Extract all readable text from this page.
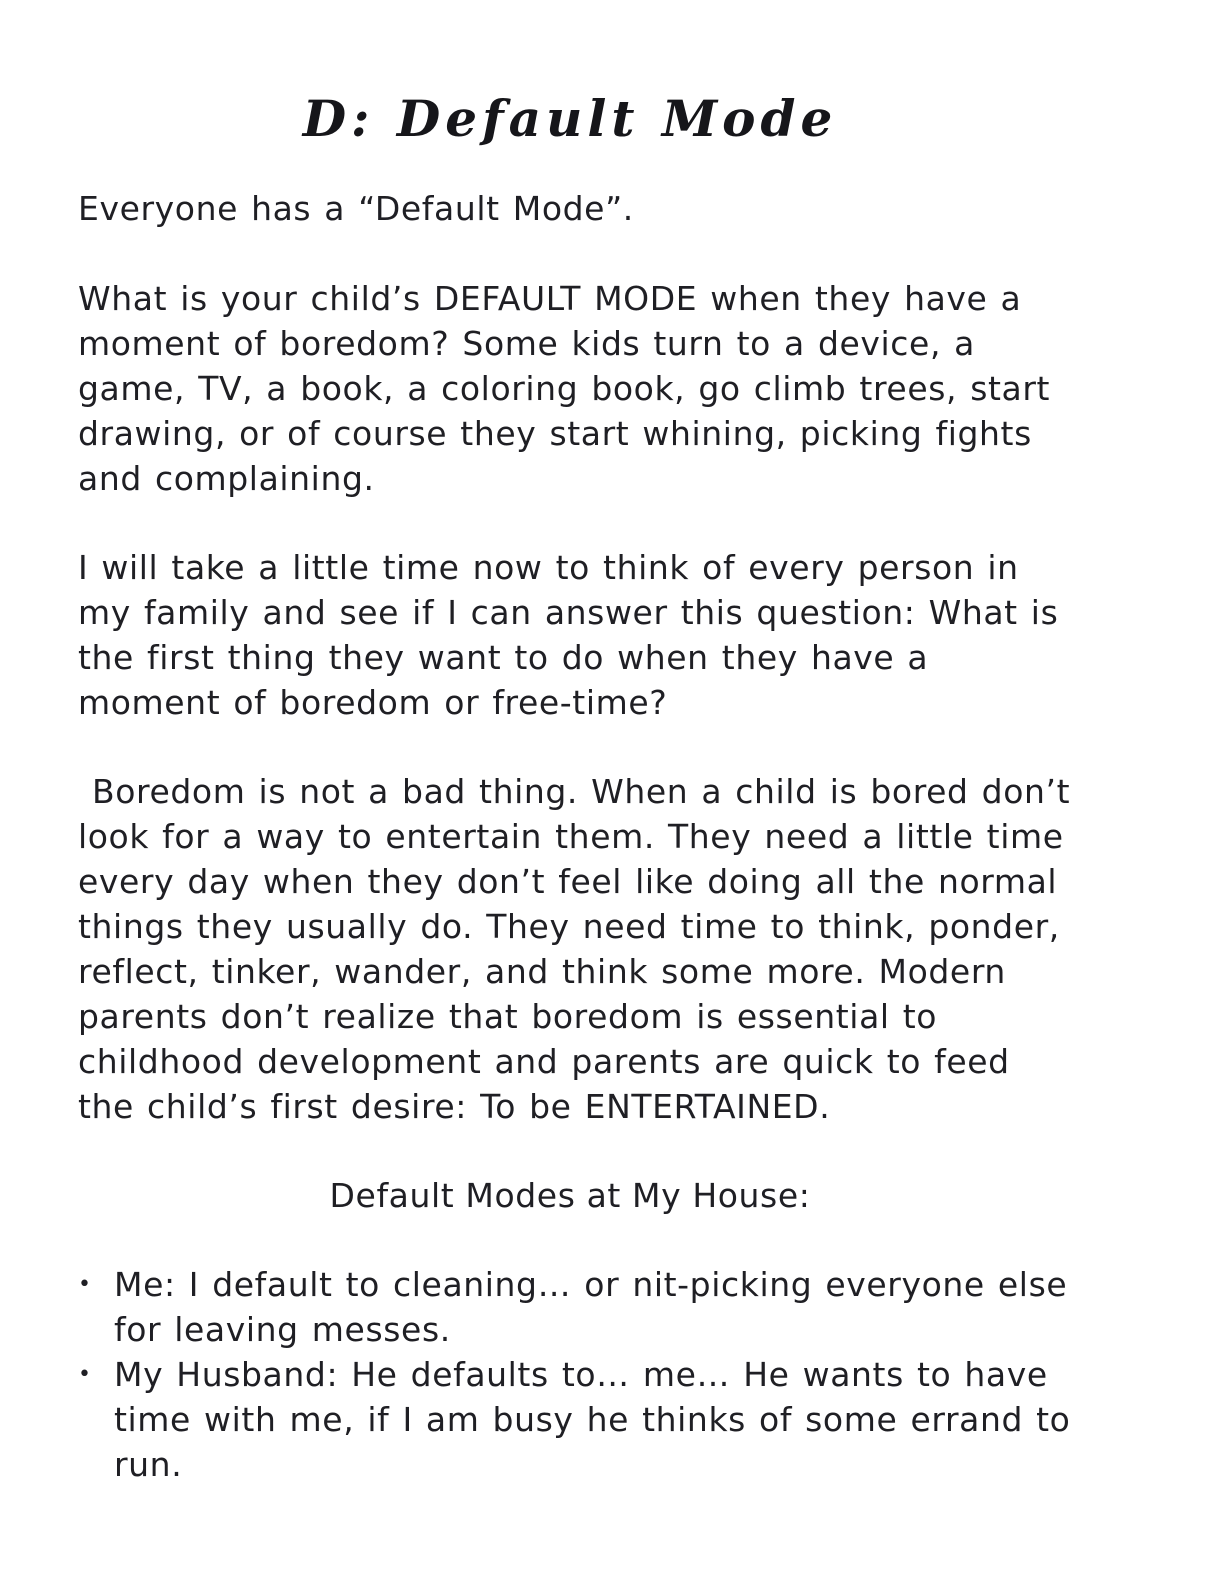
D: Default Mode

Everyone has a “Default Mode”.

What is your child’s DEFAULT MODE when they have a moment of boredom? Some kids turn to a device, a game, TV, a book, a coloring book, go climb trees, start drawing, or of course they start whining, picking fights and complaining.

I will take a little time now to think of every person in my family and see if I can answer this question: What is the first thing they want to do when they have a moment of boredom or free-time?

Boredom is not a bad thing. When a child is bored don’t look for a way to entertain them. They need a little time every day when they don’t feel like doing all the normal things they usually do. They need time to think, ponder, reflect, tinker, wander, and think some more. Modern parents don’t realize that boredom is essential to childhood development and parents are quick to feed the child’s first desire: To be ENTERTAINED.

Default Modes at My House:

• Me: I default to cleaning… or nit-picking everyone else for leaving messes.
• My Husband: He defaults to… me… He wants to have time with me, if I am busy he thinks of some errand to run.
